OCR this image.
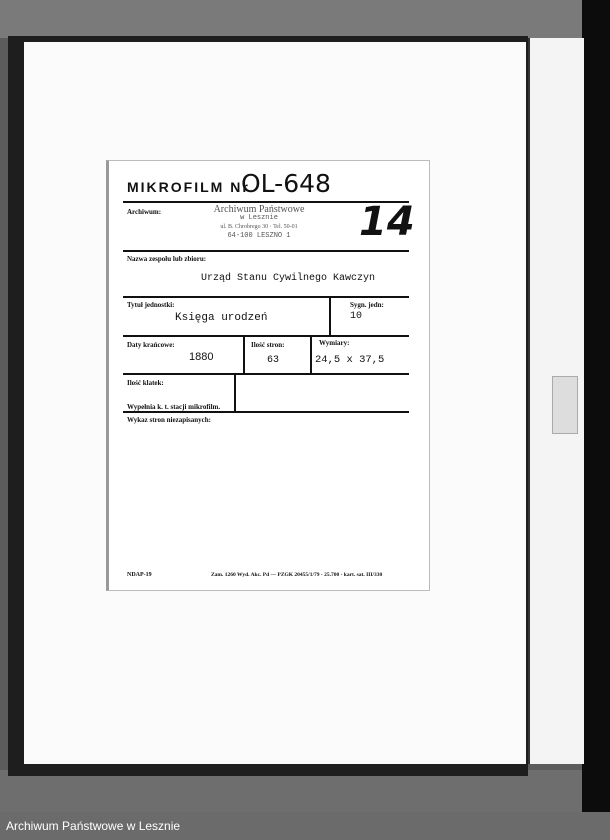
MIKROFILM Nr
OL-648
Archiwum:	Archiwum Państwowe
w Lesznie
ul. B. Chrobrego 30 · Tel. 50-01
64-100 LESZNO 1	14
Nazwa zespołu lub zbioru:
Urząd Stanu Cywilnego Kawczyn
Tytuł jednostki:
Księga urodzeń
Sygn. jedn:
10
Daty krańcowe:
1880
Ilość stron:
63
Wymiary:
24,5 x 37,5
Ilość klatek:
Wypełnia k. t. stacji mikrofilm.
Wykaz stron niezapisanych:
NDAP-19	Zam. 1260 Wyd. Akc. Pd — PZGK 20455/1/79 - 25.700 - kart. sat. III/330
Archiwum Państwowe w Lesznie
